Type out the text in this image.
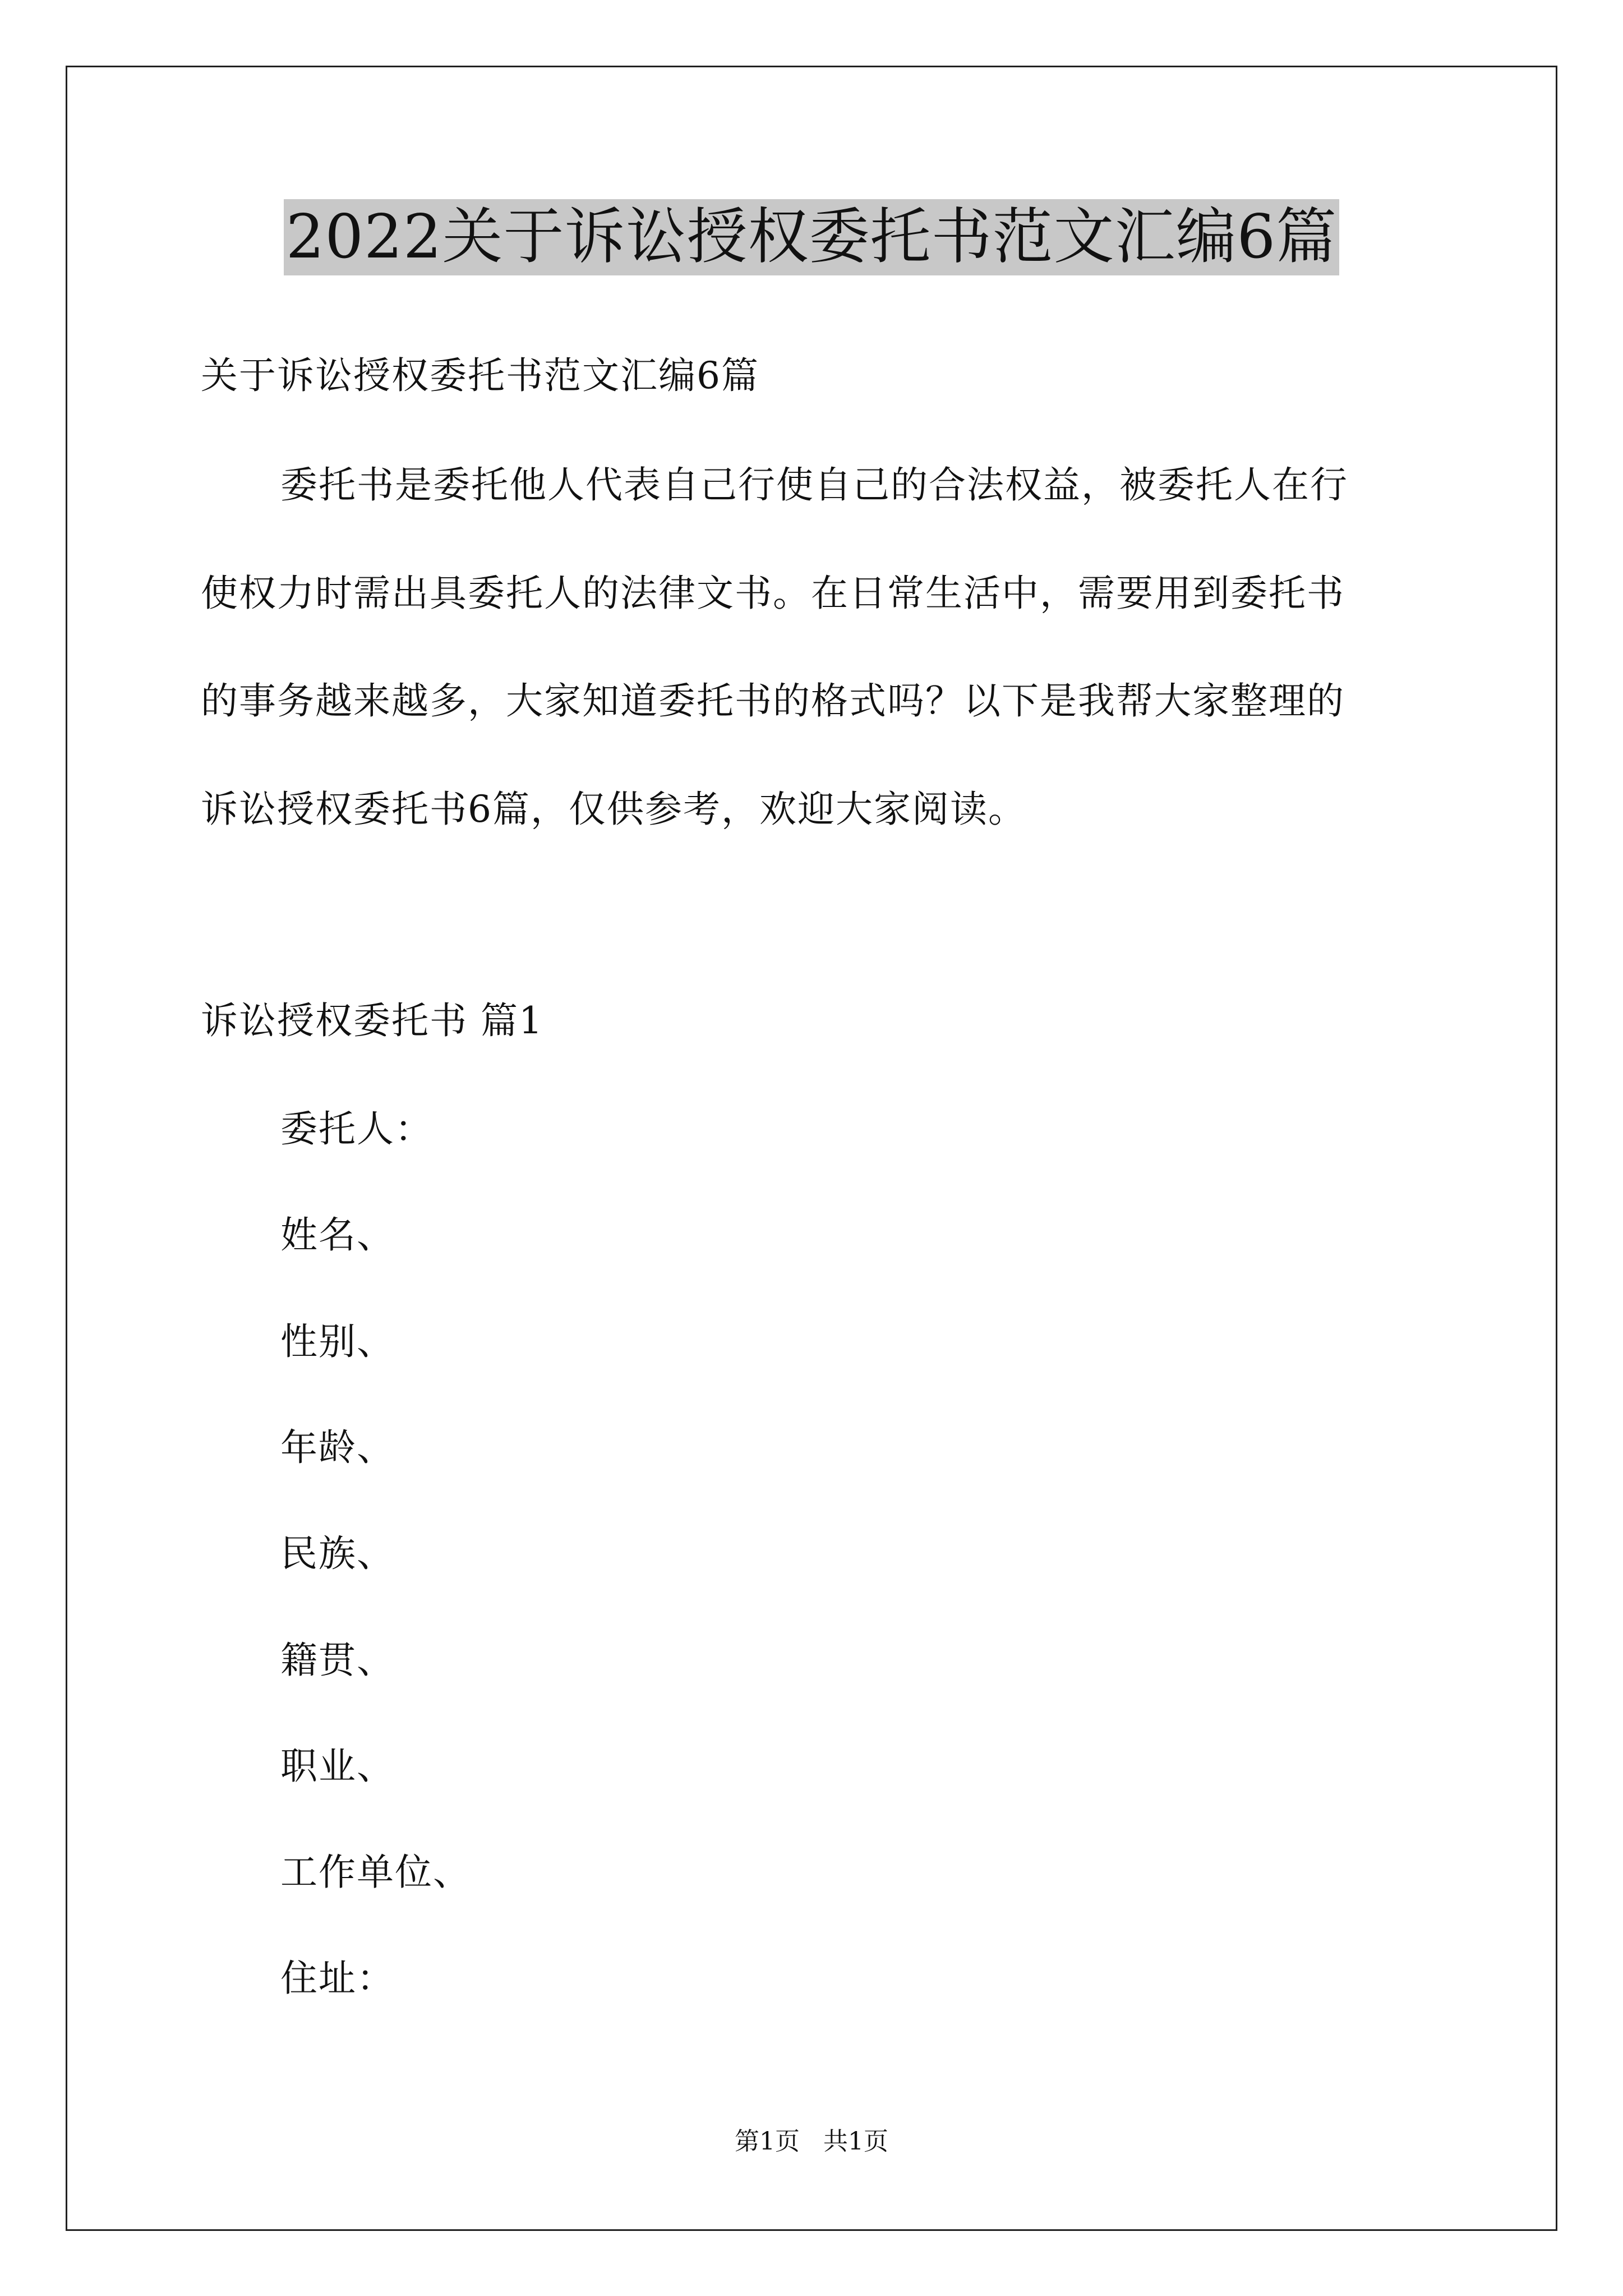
2022关于诉讼授权委托书范文汇编6篇
关于诉讼授权委托书范文汇编6篇
委托书是委托他人代表自己行使自己的合法权益，被委托人在行
使权力时需出具委托人的法律文书。在日常生活中，需要用到委托书
的事务越来越多，大家知道委托书的格式吗？以下是我帮大家整理的
诉讼授权委托书6篇，仅供参考，欢迎大家阅读。
诉讼授权委托书 篇1
委托人：
姓名、
性别、
年龄、
民族、
籍贯、
职业、
工作单位、
住址：
第1页 共1页
